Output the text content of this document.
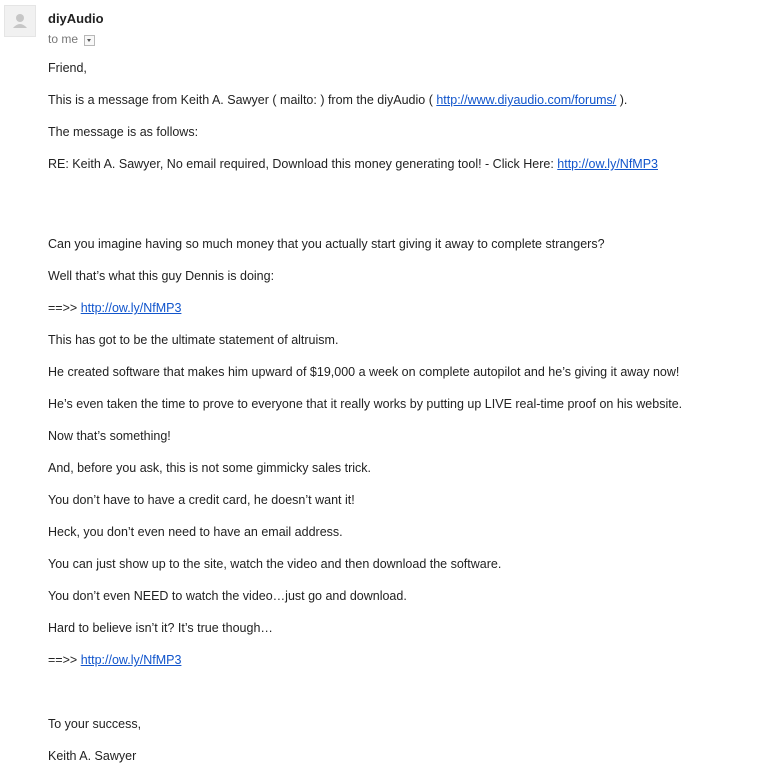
diyAudio
to me
Friend,
This is a message from Keith A. Sawyer ( mailto: ) from the diyAudio ( http://www.diyaudio.com/forums/ ).
The message is as follows:
RE: Keith A. Sawyer, No email required, Download this money generating tool! - Click Here: http://ow.ly/NfMP3
Can you imagine having so much money that you actually start giving it away to complete strangers?
Well that’s what this guy Dennis is doing:
==>> http://ow.ly/NfMP3
This has got to be the ultimate statement of altruism.
He created software that makes him upward of $19,000 a week on complete autopilot and he’s giving it away now!
He’s even taken the time to prove to everyone that it really works by putting up LIVE real-time proof on his website.
Now that’s something!
And, before you ask, this is not some gimmicky sales trick.
You don’t have to have a credit card, he doesn’t want it!
Heck, you don’t even need to have an email address.
You can just show up to the site, watch the video and then download the software.
You don’t even NEED to watch the video…just go and download.
Hard to believe isn’t it? It’s true though…
==>> http://ow.ly/NfMP3
To your success,
Keith A. Sawyer
